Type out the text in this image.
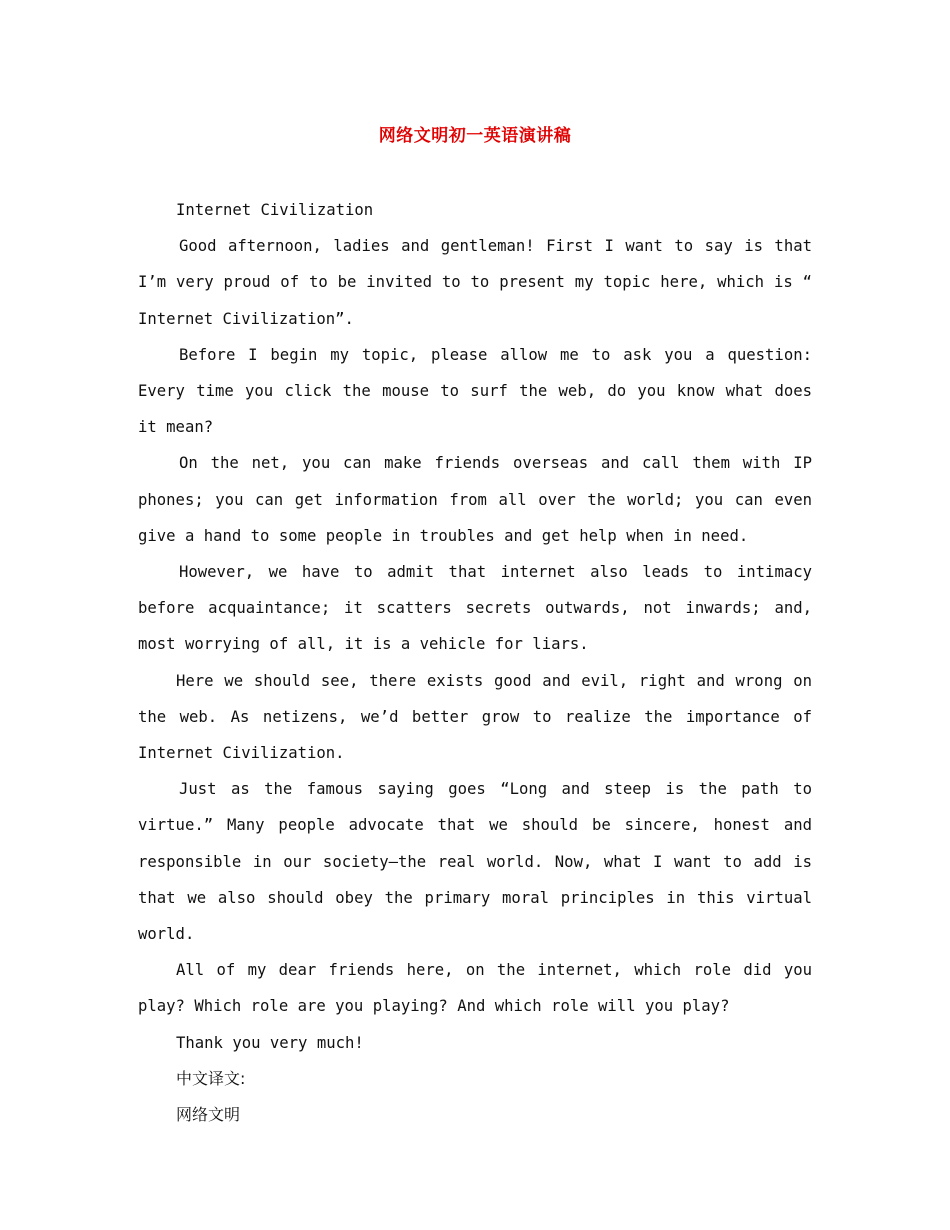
网络文明初一英语演讲稿

Internet Civilization

Good afternoon, ladies and gentleman! First I want to say is that I’m very proud of to be invited to to present my topic here, which is “ Internet Civilization”.

Before I begin my topic, please allow me to ask you a question: Every time you click the mouse to surf the web, do you know what does it mean?

On the net, you can make friends overseas and call them with IP phones; you can get information from all over the world; you can even give a hand to some people in troubles and get help when in need.

However, we have to admit that internet also leads to intimacy before acquaintance; it scatters secrets outwards, not inwards; and, most worrying of all, it is a vehicle for liars.

Here we should see, there exists good and evil, right and wrong on the web. As netizens, we’d better grow to realize the importance of Internet Civilization.

Just as the famous saying goes “Long and steep is the path to virtue.” Many people advocate that we should be sincere, honest and responsible in our society—the real world. Now, what I want to add is that we also should obey the primary moral principles in this virtual world.

All of my dear friends here, on the internet, which role did you play? Which role are you playing? And which role will you play?

Thank you very much!

中文译文:

网络文明
